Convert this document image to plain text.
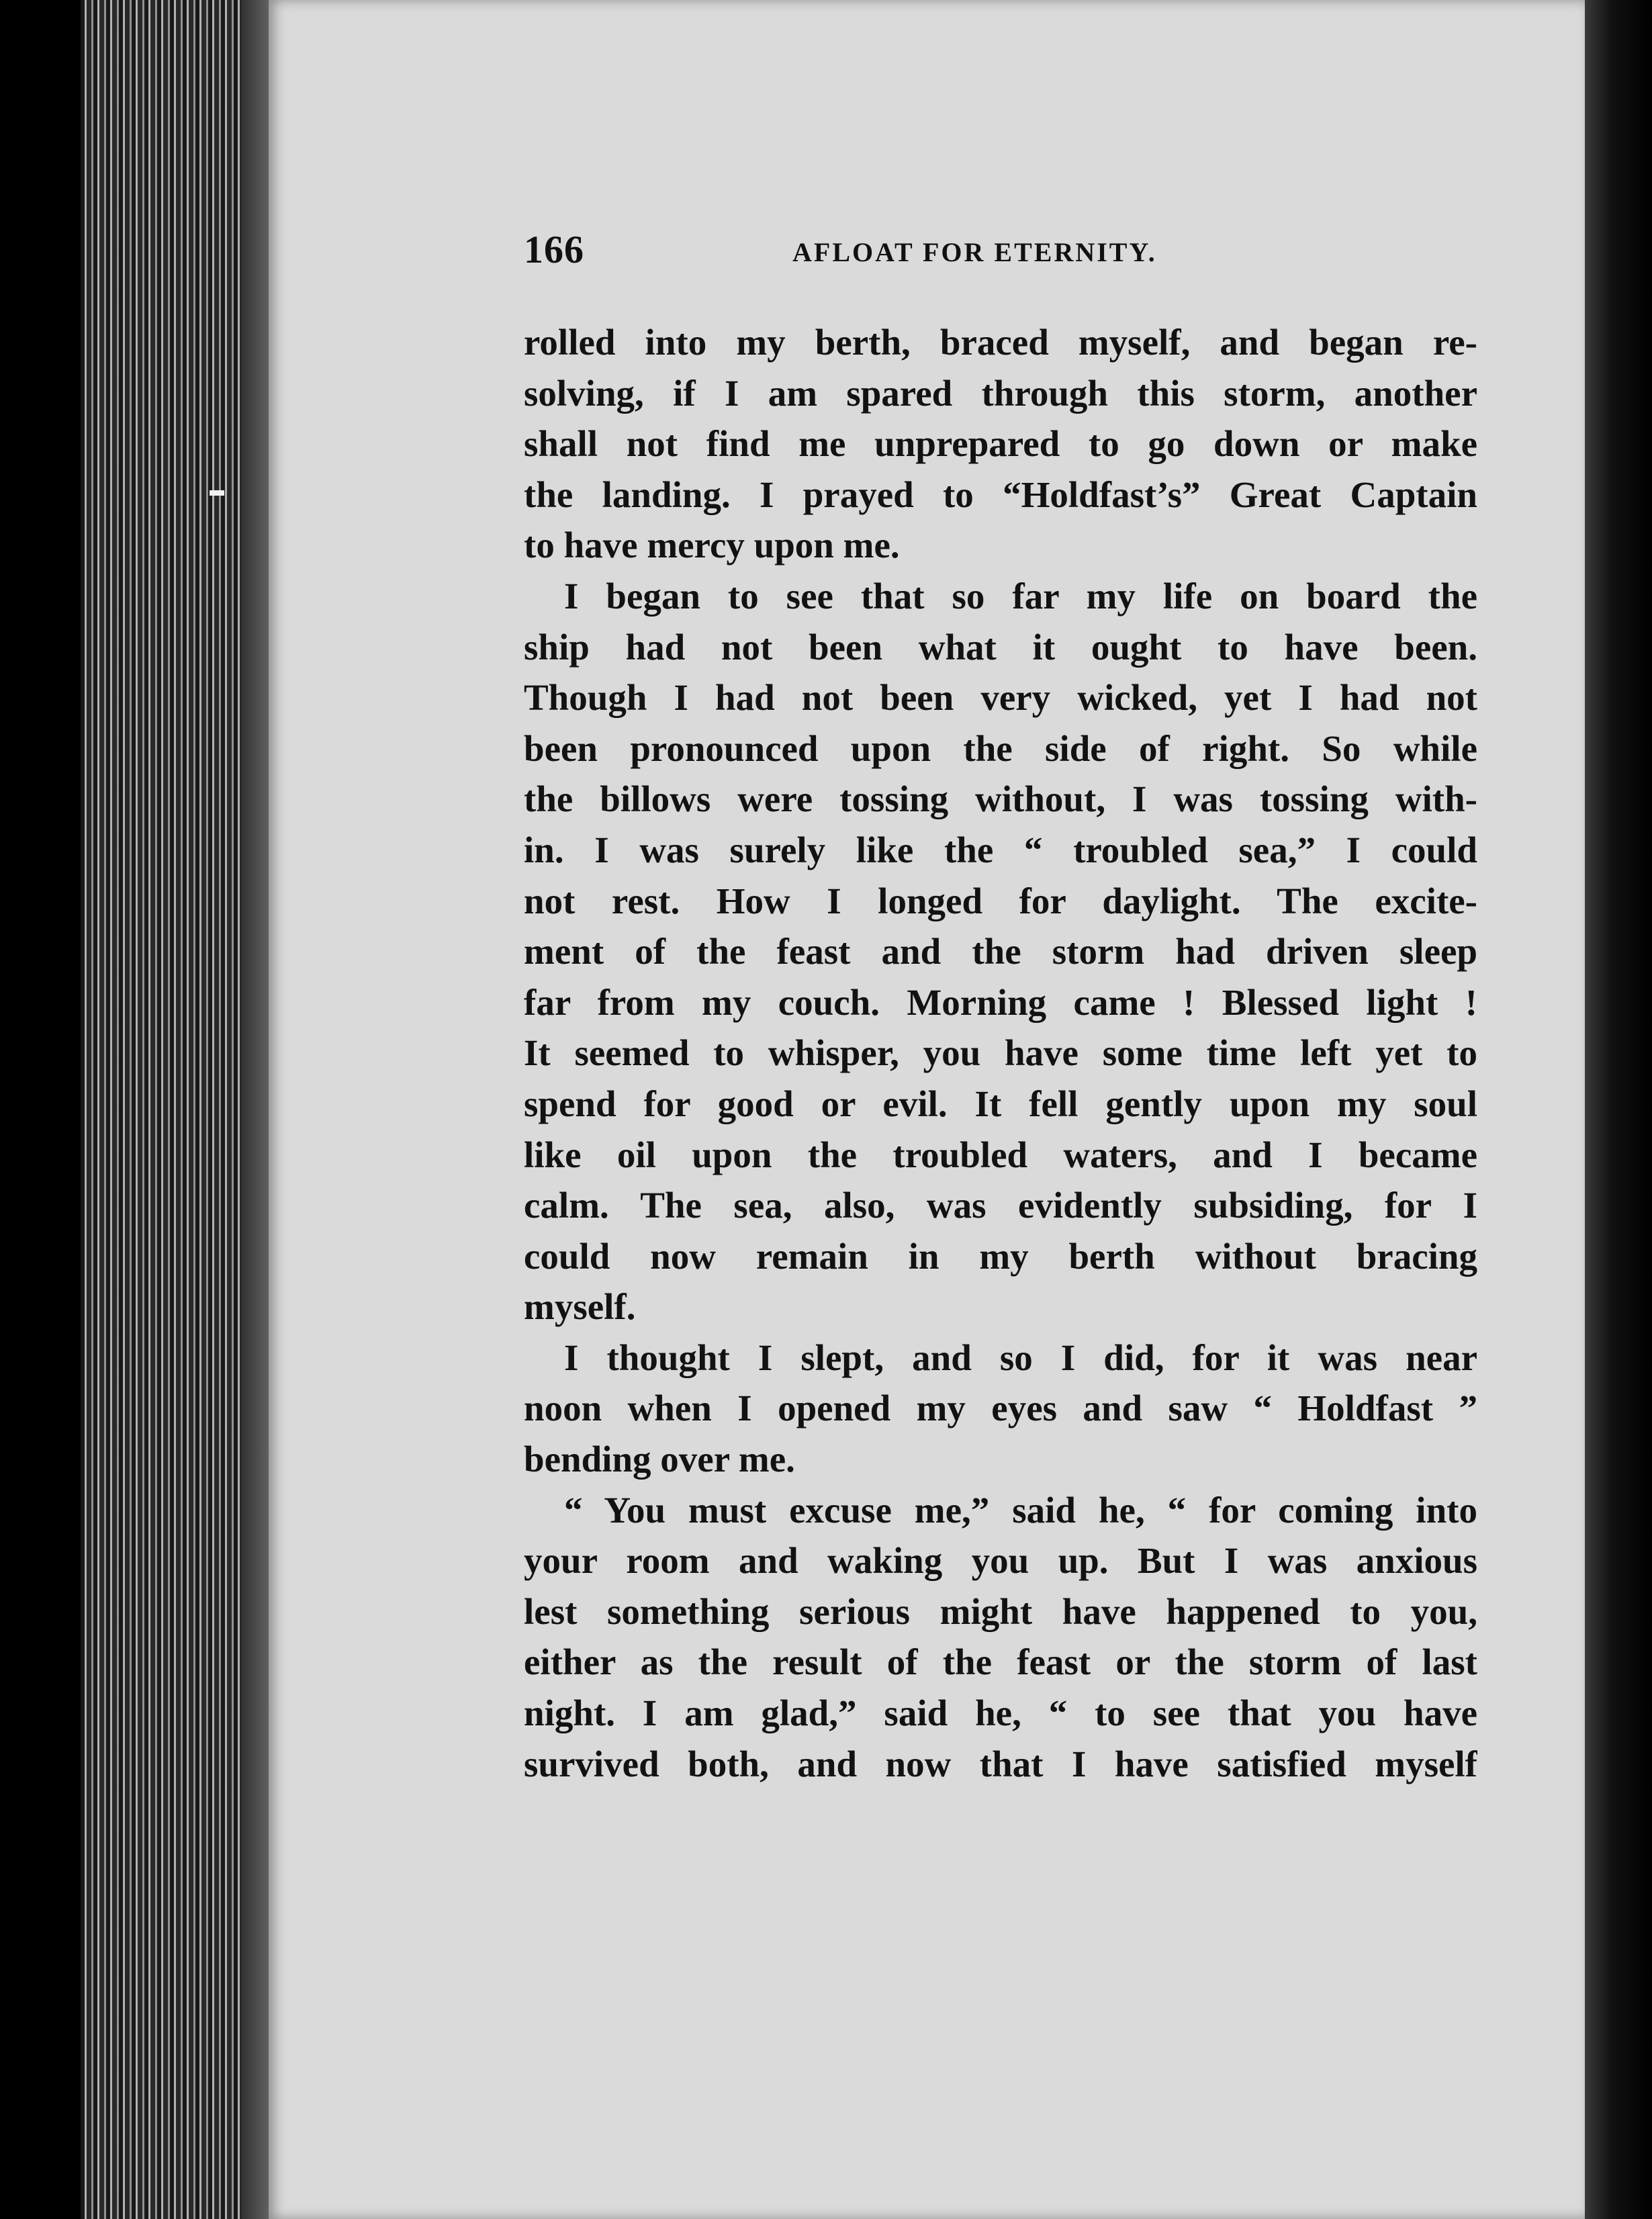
166	AFLOAT FOR ETERNITY.
rolled into my berth, braced myself, and began re-
solving, if I am spared through this storm, another
shall not find me unprepared to go down or make
the landing. I prayed to “Holdfast’s” Great Captain
to have mercy upon me.
I began to see that so far my life on board the
ship had not been what it ought to have been.
Though I had not been very wicked, yet I had not
been pronounced upon the side of right. So while
the billows were tossing without, I was tossing with-
in. I was surely like the “ troubled sea,” I could
not rest. How I longed for daylight. The excite-
ment of the feast and the storm had driven sleep
far from my couch. Morning came ! Blessed light !
It seemed to whisper, you have some time left yet to
spend for good or evil. It fell gently upon my soul
like oil upon the troubled waters, and I became
calm. The sea, also, was evidently subsiding, for I
could now remain in my berth without bracing
myself.
I thought I slept, and so I did, for it was near
noon when I opened my eyes and saw “ Holdfast ”
bending over me.
“ You must excuse me,” said he, “ for coming into
your room and waking you up. But I was anxious
lest something serious might have happened to you,
either as the result of the feast or the storm of last
night. I am glad,” said he, “ to see that you have
survived both, and now that I have satisfied myself
